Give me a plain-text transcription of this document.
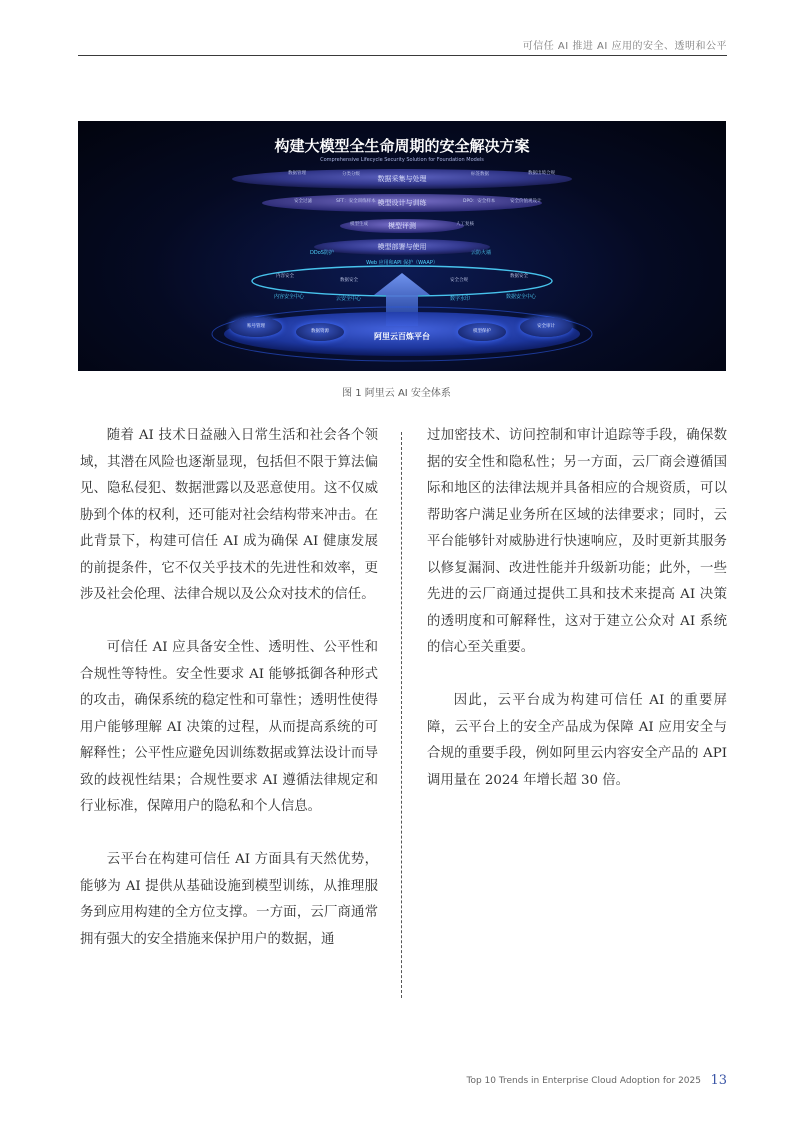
可信任 AI 推进 AI 应用的安全、透明和公平
构建大模型全生命周期的安全解决方案
Comprehensive Lifecycle Security Solution for Foundation Models
数据采集与处理
模型设计与训练
模型评测
模型部署与使用
数据管理	分类分级	标签数据	数据出境合规
安全过滤	SFT：安全训练样本	DPO：安全样本	安全价值观设计
模型生成	人工复核
DDoS防护	云防火墙
Web 应用和API 保护（WAAP）
内容安全
数据安全	安全合规
数据安全
内容安全中心	云安全中心	数字水印	数据安全中心
账号管理
数据资源	模型保护
安全审计
阿里云百炼平台
图 1 阿里云 AI 安全体系

随着 AI 技术日益融入日常生活和社会各个领域，其潜在风险也逐渐显现，包括但不限于算法偏见、隐私侵犯、数据泄露以及恶意使用。这不仅威胁到个体的权利，还可能对社会结构带来冲击。在此背景下，构建可信任 AI 成为确保 AI 健康发展的前提条件，它不仅关乎技术的先进性和效率，更涉及社会伦理、法律合规以及公众对技术的信任。

可信任 AI 应具备安全性、透明性、公平性和合规性等特性。安全性要求 AI 能够抵御各种形式的攻击，确保系统的稳定性和可靠性；透明性使得用户能够理解 AI 决策的过程，从而提高系统的可解释性；公平性应避免因训练数据或算法设计而导致的歧视性结果；合规性要求 AI 遵循法律规定和行业标准，保障用户的隐私和个人信息。

云平台在构建可信任 AI 方面具有天然优势，能够为 AI 提供从基础设施到模型训练，从推理服务到应用构建的全方位支撑。一方面，云厂商通常拥有强大的安全措施来保护用户的数据，通

过加密技术、访问控制和审计追踪等手段，确保数据的安全性和隐私性；另一方面，云厂商会遵循国际和地区的法律法规并具备相应的合规资质，可以帮助客户满足业务所在区域的法律要求；同时，云平台能够针对威胁进行快速响应，及时更新其服务以修复漏洞、改进性能并升级新功能；此外，一些先进的云厂商通过提供工具和技术来提高 AI 决策的透明度和可解释性，这对于建立公众对 AI 系统的信心至关重要。

因此，云平台成为构建可信任 AI 的重要屏障，云平台上的安全产品成为保障 AI 应用安全与合规的重要手段，例如阿里云内容安全产品的 API 调用量在 2024 年增长超 30 倍。

Top 10 Trends in Enterprise Cloud Adoption for 2025 13
